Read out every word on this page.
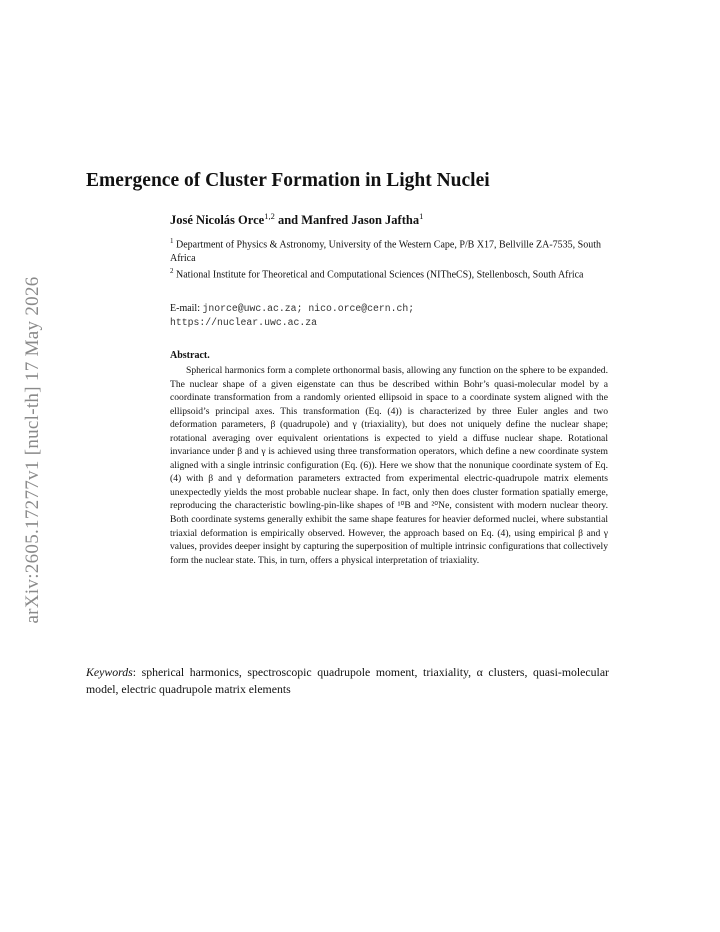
arXiv:2605.17277v1 [nucl-th] 17 May 2026
Emergence of Cluster Formation in Light Nuclei
José Nicolás Orce$^{1,2}$ and Manfred Jason Jaftha$^1$
$^1$ Department of Physics & Astronomy, University of the Western Cape, P/B X17, Bellville ZA-7535, South Africa
$^2$ National Institute for Theoretical and Computational Sciences (NITheCS), Stellenbosch, South Africa
E-mail: jnorce@uwc.ac.za; nico.orce@cern.ch;
https://nuclear.uwc.ac.za
Abstract.

Spherical harmonics form a complete orthonormal basis, allowing any function on the sphere to be expanded. The nuclear shape of a given eigenstate can thus be described within Bohr’s quasi-molecular model by a coordinate transformation from a randomly oriented ellipsoid in space to a coordinate system aligned with the ellipsoid’s principal axes. This transformation (Eq. (4)) is characterized by three Euler angles and two deformation parameters, β (quadrupole) and γ (triaxiality), but does not uniquely define the nuclear shape; rotational averaging over equivalent orientations is expected to yield a diffuse nuclear shape. Rotational invariance under β and γ is achieved using three transformation operators, which define a new coordinate system aligned with a single intrinsic configuration (Eq. (6)). Here we show that the nonunique coordinate system of Eq. (4) with β and γ deformation parameters extracted from experimental electric-quadrupole matrix elements unexpectedly yields the most probable nuclear shape. In fact, only then does cluster formation spatially emerge, reproducing the characteristic bowling-pin-like shapes of ¹⁰B and ²⁰Ne, consistent with modern nuclear theory. Both coordinate systems generally exhibit the same shape features for heavier deformed nuclei, where substantial triaxial deformation is empirically observed. However, the approach based on Eq. (4), using empirical β and γ values, provides deeper insight by capturing the superposition of multiple intrinsic configurations that collectively form the nuclear state. This, in turn, offers a physical interpretation of triaxiality.

Keywords: spherical harmonics, spectroscopic quadrupole moment, triaxiality, α clusters, quasi-molecular model, electric quadrupole matrix elements
